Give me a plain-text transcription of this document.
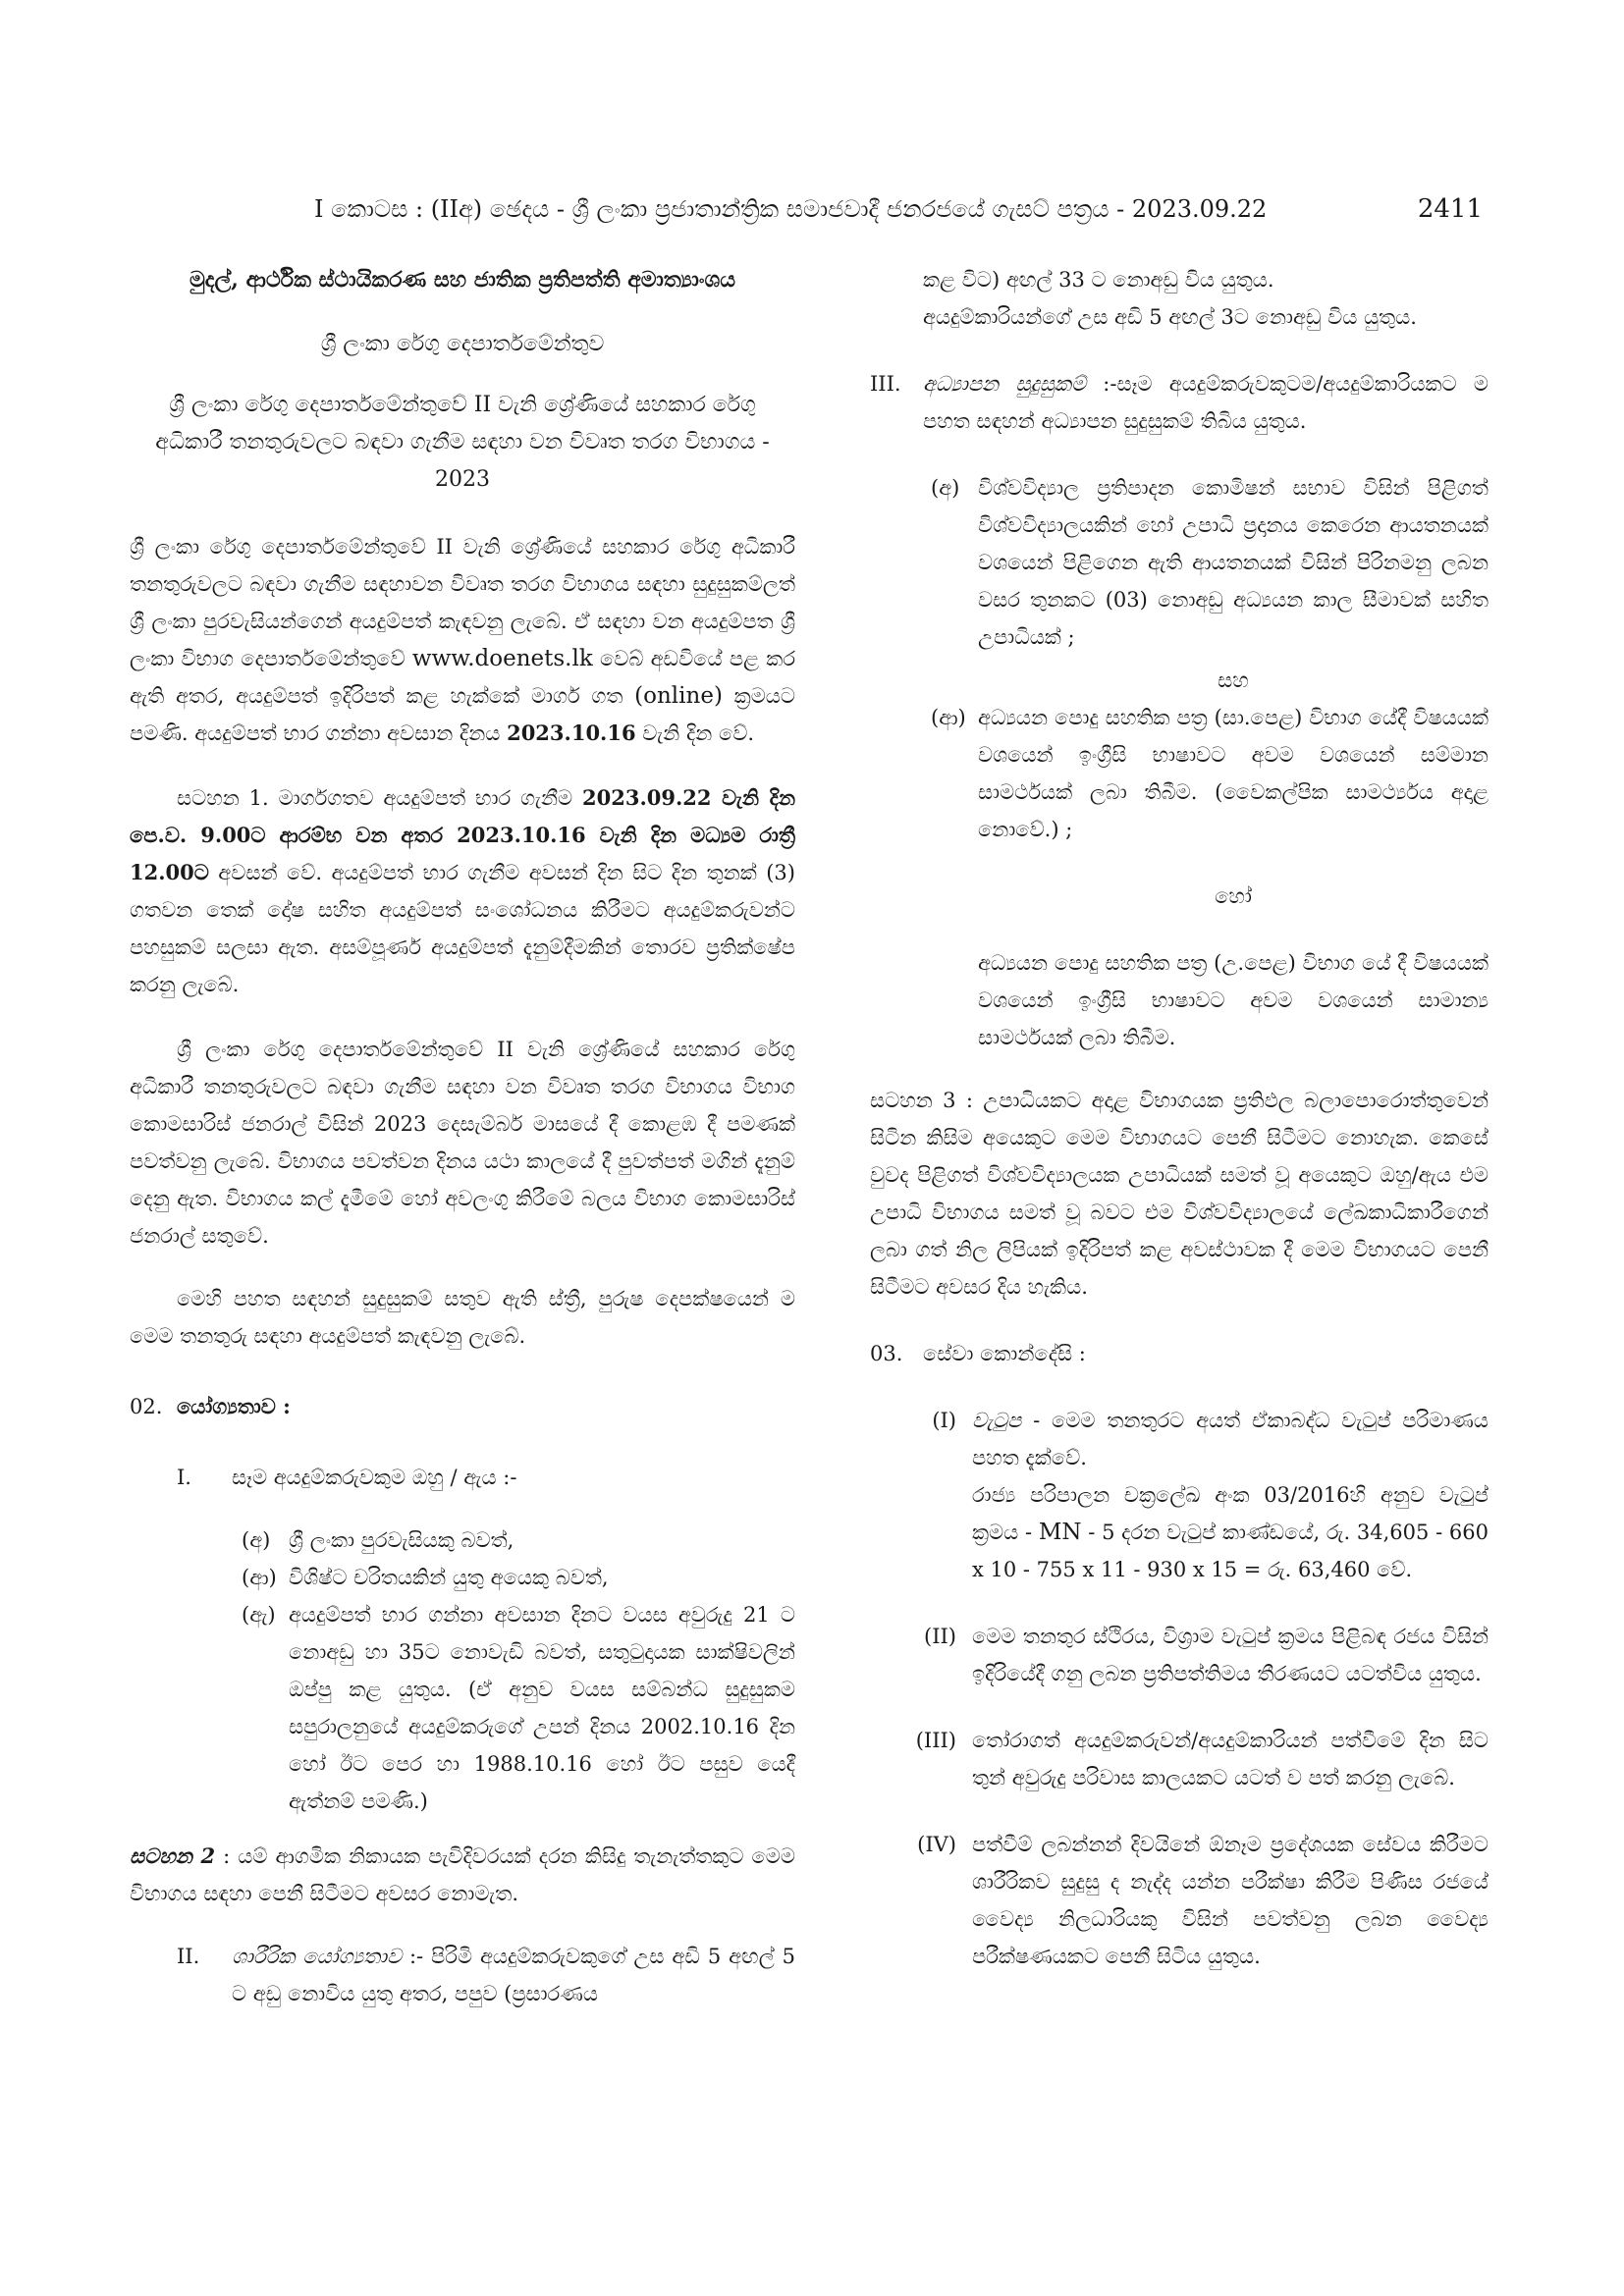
I කොටස : (IIඅ) ඡෙදය - ශ්‍රී ලංකා ප්‍රජාතාන්ත්‍රික සමාජවාදී ජනරජයේ ගැසට් පත්‍රය - 2023.09.22	2411

මුදල්, ආර්ථික ස්ථායිකරණ සහ ජාතික ප්‍රතිපත්ති අමාත්‍යාංශය

ශ්‍රී ලංකා රේගු දෙපාර්තමේන්තුව

ශ්‍රී ලංකා රේගු දෙපාර්තමේන්තුවේ II වැනි ශ්‍රේණියේ සහකාර රේගු අධිකාරී තනතුරුවලට බඳවා ගැනීම සඳහා වන විවෘත තරග විභාගය - 2023

ශ්‍රී ලංකා රේගු දෙපාර්තමේන්තුවේ II වැනි ශ්‍රේණියේ සහකාර රේගු අධිකාරී තනතුරුවලට බඳවා ගැනීම සඳහාවන විවෘත තරග විභාගය සඳහා සුදුසුකම්ලත් ශ්‍රී ලංකා පුරවැසියන්ගෙන් අයදුම්පත් කැඳවනු ලැබේ. ඒ සඳහා වන අයදුම්පත ශ්‍රී ලංකා විභාග දෙපාර්තමේන්තුවේ www.doenets.lk වෙබ් අඩවියේ පළ කර ඇති අතර, අයදුම්පත් ඉදිරිපත් කළ හැක්කේ මාර්ග ගත (online) ක්‍රමයට පමණි. අයදුම්පත් භාර ගන්නා අවසාන දිනය 2023.10.16 වැනි දින වේ.

සටහන 1. මාර්ගගතව අයදුම්පත් භාර ගැනීම 2023.09.22 වැනි දින පෙ.ව. 9.00ට ආරම්භ වන අතර 2023.10.16 වැනි දින මධ්‍යම රාත්‍රී 12.00ට අවසන් වේ. අයදුම්පත් භාර ගැනීම අවසන් දින සිට දින තුනක් (3) ගතවන තෙක් දෝෂ සහිත අයදුම්පත් සංශෝධනය කිරීමට අයදුම්කරුවන්ට පහසුකම් සලසා ඇත. අසම්පූර්ණ අයදුම්පත් දැනුම්දීමකින් තොරව ප්‍රතික්ෂේප කරනු ලැබේ.

ශ්‍රී ලංකා රේගු දෙපාර්තමේන්තුවේ II වැනි ශ්‍රේණියේ සහකාර රේගු අධිකාරී තනතුරුවලට බඳවා ගැනීම සඳහා වන විවෘත තරග විභාගය විභාග කොමසාරිස් ජනරාල් විසින් 2023 දෙසැම්බර් මාසයේ දී කොළඹ දී පමණක් පවත්වනු ලැබේ. විභාගය පවත්වන දිනය යථා කාලයේ දී පුවත්පත් මගින් දැනුම් දෙනු ඇත. විභාගය කල් දැමීමේ හෝ අවලංගු කිරීමේ බලය විභාග කොමසාරිස් ජනරාල් සතුවේ.

මෙහි පහත සඳහන් සුදුසුකම් සතුව ඇති ස්ත්‍රී, පුරුෂ දෙපක්ෂයෙන් ම මෙම තනතුරු සඳහා අයදුම්පත් කැඳවනු ලැබේ.

02. යෝග්‍යතාව :
I.	සෑම අයදුම්කරුවකුම ඔහු / ඇය :-
(අ) ශ්‍රී ලංකා පුරවැසියකු බවත්,
(ආ) විශිෂ්ට චරිතයකින් යුතු අයෙකු බවත්,
(ඇ) අයදුම්පත් භාර ගන්නා අවසාන දිනට වයස අවුරුදු 21 ට නොඅඩු හා 35ට නොවැඩි බවත්, සතුටුදායක සාක්ෂිවලින් ඔප්පු කළ යුතුය. (ඒ අනුව වයස සම්බන්ධ සුදුසුකම සපුරාලනුයේ අයදුම්කරුගේ උපන් දිනය 2002.10.16 දින හෝ ඊට පෙර හා 1988.10.16 හෝ ඊට පසුව යෙදී ඇත්නම් පමණි.)

සටහන 2 : යම් ආගමික නිකායක පැවිදිවරයක් දරන කිසිදු තැනැත්තකුට මෙම විභාගය සඳහා පෙනී සිටීමට අවසර නොමැත.

II.	ශාරීරික යෝග්‍යතාව :- පිරිමි අයදුම්කරුවකුගේ උස අඩි 5 අඟල් 5 ට අඩු නොවිය යුතු අතර, පපුව (ප්‍රසාරණය

කළ විට) අඟල් 33 ට නොඅඩු විය යුතුය.

අයදුම්කාරියන්ගේ උස අඩි 5 අඟල් 3ට නොඅඩු විය යුතුය.

III.	අධ්‍යාපන සුදුසුකම් :-සෑම අයදුම්කරුවකුටම/අයදුම්කාරියකට ම පහත සඳහන් අධ්‍යාපන සුදුසුකම් තිබිය යුතුය.
(අ) විශ්වවිද්‍යාල ප්‍රතිපාදන කොමිෂන් සභාව විසින් පිළිගත් විශ්වවිද්‍යාලයකින් හෝ උපාධි ප්‍රදානය කෙරෙන ආයතනයක් වශයෙන් පිළිගෙන ඇති ආයතනයක් විසින් පිරිනමනු ලබන වසර තුනකට (03) නොඅඩු අධ්‍යයන කාල සීමාවක් සහිත උපාධියක් ;

සහ

(ආ) අධ්‍යයන පොදු සහතික පත්‍ර (සා.පෙළ) විභාග යේදී විෂයයක් වශයෙන් ඉංග්‍රීසි භාෂාවට අවම වශයෙන් සම්මාන සාමර්ථයක් ලබා තිබීම. (වෛකල්පික සාමර්ථ්‍යය අදාළ නොවේ.) ;

හෝ

අධ්‍යයන පොදු සහතික පත්‍ර (උ.පෙළ) විභාග යේ දී විෂයයක් වශයෙන් ඉංග්‍රීසි භාෂාවට අවම වශයෙන් සාමාන්‍ය සාමර්ථයක් ලබා තිබීම.

සටහන 3 : උපාධියකට අදාළ විභාගයක ප්‍රතිඵල බලාපොරොත්තුවෙන් සිටින කිසිම අයෙකුට මෙම විභාගයට පෙනී සිටීමට නොහැක. කෙසේ වුවද පිළිගත් විශ්වවිද්‍යාලයක උපාධියක් සමත් වූ අයෙකුට ඔහු/ඇය එම උපාධි විභාගය සමත් වූ බවට එම විශ්වවිද්‍යාලයේ ලේඛකාධිකාරීගෙන් ලබා ගත් නිල ලිපියක් ඉදිරිපත් කළ අවස්ථාවක දී මෙම විභාගයට පෙනී සිටීමට අවසර දිය හැකිය.

03. සේවා කොන්දේසි :
(I) වැටුප - මෙම තනතුරට අයත් ඒකාබද්ධ වැටුප් පරිමාණය පහත දැක්වේ.
රාජ්‍ය පරිපාලන චක්‍රලේඛ අංක 03/2016හි අනුව වැටුප් ක්‍රමය - MN - 5 දරන වැටුප් කාණ්ඩයේ, රු. 34,605 - 660 x 10 - 755 x 11 - 930 x 15 = රු. 63,460 වේ.
(II) මෙම තනතුර ස්ථිරය, විශ්‍රාම වැටුප් ක්‍රමය පිළිබඳ රජය විසින් ඉදිරියේදී ගනු ලබන ප්‍රතිපත්තිමය තීරණයට යටත්විය යුතුය.
(III) තෝරාගත් අයදුම්කරුවන්/අයදුම්කාරියන් පත්වීමේ දින සිට තුන් අවුරුදු පරිවාස කාලයකට යටත් ව පත් කරනු ලැබේ.
(IV) පත්වීම් ලබන්නන් දිවයිනේ ඕනෑම ප්‍රදේශයක සේවය කිරීමට ශාරීරිකව සුදුසු ද නැද්ද යන්න පරීක්ෂා කිරීම පිණිස රජයේ වෛද්‍ය නිලධාරියකු විසින් පවත්වනු ලබන වෛද්‍ය පරීක්ෂණයකට පෙනී සිටිය යුතුය.
